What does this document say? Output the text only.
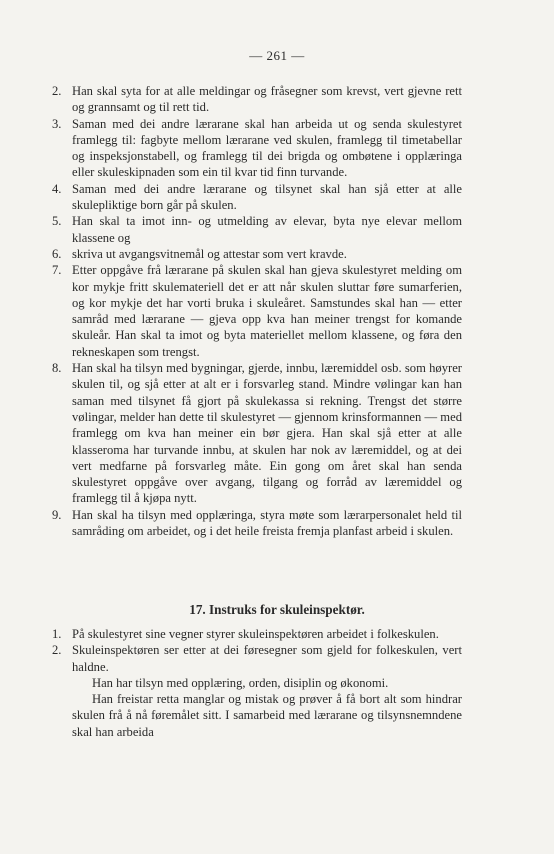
— 261 —
2. Han skal syta for at alle meldingar og fråsegner som krevst, vert gjevne rett og grannsamt og til rett tid.
3. Saman med dei andre lærarane skal han arbeida ut og senda skulestyret framlegg til: fagbyte mellom lærarane ved skulen, framlegg til timetabellar og inspeksjonstabell, og framlegg til dei brigda og ombøtene i opplæringa eller skuleskipnaden som ein til kvar tid finn turvande.
4. Saman med dei andre lærarane og tilsynet skal han sjå etter at alle skulepliktige born går på skulen.
5. Han skal ta imot inn- og utmelding av elevar, byta nye elevar mellom klassene og
6. skriva ut avgangsvitnemål og attestar som vert kravde.
7. Etter oppgåve frå lærarane på skulen skal han gjeva skulestyret melding om kor mykje fritt skulemateriell det er att når skulen sluttar føre sumarferien, og kor mykje det har vorti bruka i skuleåret. Samstundes skal han — etter samråd med lærarane — gjeva opp kva han meiner trengst for komande skuleår. Han skal ta imot og byta materiellet mellom klassene, og føra den rekneskapen som trengst.
8. Han skal ha tilsyn med bygningar, gjerde, innbu, læremiddel osb. som høyrer skulen til, og sjå etter at alt er i forsvarleg stand. Mindre vølingar kan han saman med tilsynet få gjort på skulekassa si rekning. Trengst det større vølingar, melder han dette til skulestyret — gjennom krinsformannen — med framlegg om kva han meiner ein bør gjera. Han skal sjå etter at alle klasseroma har turvande innbu, at skulen har nok av læremiddel, og at dei vert medfarne på forsvarleg måte. Ein gong om året skal han senda skulestyret oppgåve over avgang, tilgang og forråd av læremiddel og framlegg til å kjøpa nytt.
9. Han skal ha tilsyn med opplæringa, styra møte som lærarpersonalet held til samråding om arbeidet, og i det heile freista fremja planfast arbeid i skulen.
17. Instruks for skuleinspektør.
1. På skulestyret sine vegner styrer skuleinspektøren arbeidet i folkeskulen.
2. Skuleinspektøren ser etter at dei føresegner som gjeld for folkeskulen, vert haldne.
Han har tilsyn med opplæring, orden, disiplin og økonomi.
Han freistar retta manglar og mistak og prøver å få bort alt som hindrar skulen frå å nå føremålet sitt. I samarbeid med lærarane og tilsynsnemndene skal han arbeida
